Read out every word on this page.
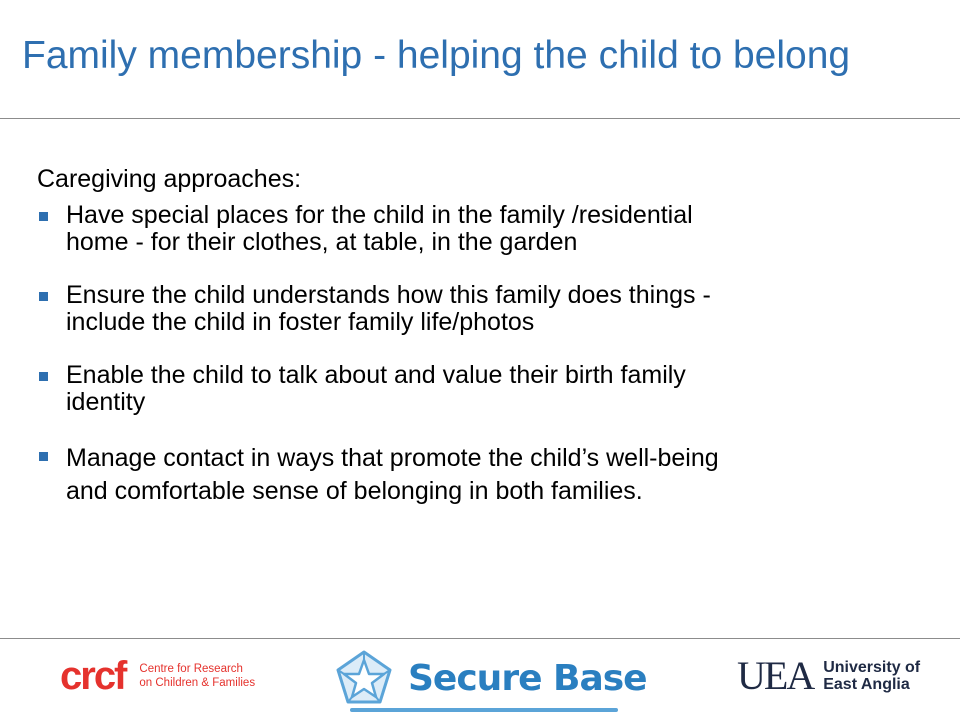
Family membership - helping the child to belong

Caregiving approaches:

Have special places for the child in the family /residential
home - for their clothes, at table, in the garden
Ensure the child understands how this family does things -
include the child in foster family life/photos
Enable the child to talk about and value their birth family
identity
Manage contact in ways that promote the child’s well-being
and comfortable sense of belonging in both families.
crcf Centre for Research
on Children & Families	Secure Base UEA University of
East Anglia
